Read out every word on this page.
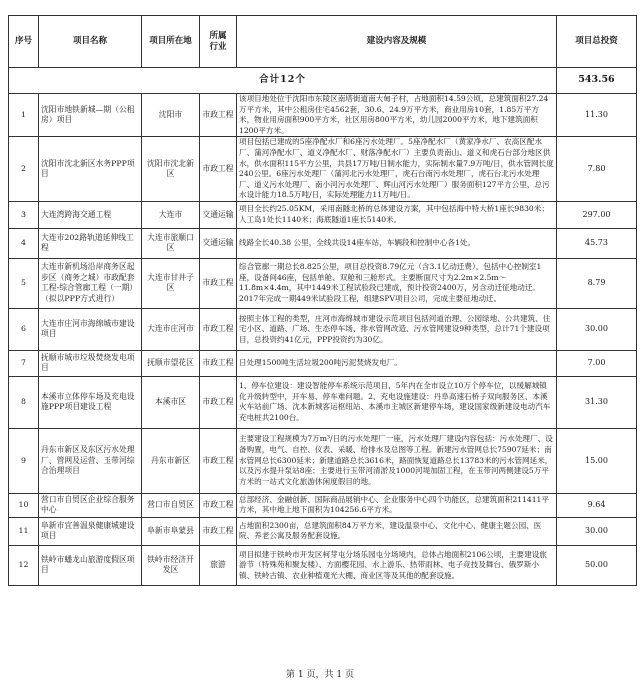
序号	项目名称	项目所在地	所属
行业	建设内容及规模	项目总投资
合计12个					543.56
1	沈阳市地铁新城—期（公租房）项目	沈阳市	市政工程	该项目地处位于沈阳市东陵区南塔街道南大甸子村，占地面积14.59公顷，总建筑面积27.24万平方米，其中公租房住宅4562套，30.6、24.9万平方米，商业用房10套，1.85万平方米，物业用房面积900平方米，社区用房800平方米，幼儿园2000平方米，地下建筑面积1200平方米。	11.30
2	沈阳市沈北新区水务PPP项目	沈阳市沈北新区	市政工程	项目包括已建成的5座净配水厂和6座污水处理厂。5座净配水厂（黄家净水厂、农高区配水厂、蒲河净配水厂、道义净配水厂、财落净配水厂）主要负责南山、道义和虎石台部分地区供水，供水面积115平方公里，共县17万吨/日制水能力，实际制水量7.9万吨/日，供水管网长度240公里。6座污水处理厂（蒲河北污水处理厂，虎石台南污水处理厂，虎石台北污水处理厂、道义污水处理厂、南小河污水处理厂、辉山河污水处理厂）服务面积127平方公里，总污水设计能力18.5万吨/日，实际处理能力11万吨/日。	7.80
3	大连湾跨海交通工程	大连市	交通运输	项目全长约25.05KM，采用南隧北桥的总体建设方案，其中包括海中特大桥1座长9830米；人工岛1处长1140米；海底隧道1座长5140米。	297.00
4	大连市202路轨道延伸线工程	大连市旅顺口区	交通运输	线路全长40.38 公里，全线共设14座车站，车辆段和控制中心各1处。	45.73
5	大连市新机场沿岸商务区起步区（商务之城）市政配套工程-综合管廊工程（一期）（拟以PPP方式进行）	大连市甘井子区	市政工程	综合管廊一期总长8.825公里，项目总投资8.79亿元（含3.1亿动迁费），包括中心控制室1座，设备间46座，包括单舱、双舱和三舱形式。主要断面尺寸为2.2m×2.5m～11.8m×4.4m，其中1449米工程试验段已建成，预计投资2400万，另含动迁征地动迁。2017年完成一期449米试验段工程，组建SPV项目公司，完成主要征地动迁。	8.79
6	大连市庄河市海绵城市建设项目	大连市庄河市	市政工程	按照主体工程的类型，庄河市海绵城市建设示范项目包括河道治理、公园绿地、公共建筑、住宅小区、道路、广场、生态停车场、排水管网改造、污水管网建设9种类型，总计71个建设项目，总投资约41亿元，PPP投资约为30亿。	30.00
7	抚顺市城市垃圾焚烧发电项目	抚顺市望花区	市政工程	日处理1500吨生活垃圾200吨污泥焚烧发电厂。	7.00
8	本溪市立体停车场及充电设施PPP项目建设工程	本溪市区	市政工程	1、停车位建设：建设智能停车系统示范项目，5年内在全市设立10万个停车位，以缓解城镇化升级转型中，开车易、停车难问题。2、充电设施建设：丹阜高速石桥子双向服务区、本溪火车站前广场、沈本新城客运枢纽站、本溪市主城区新建停车场，建设国家级新建设电动汽车充电桩共2100台。	31.30
9	丹东市新区及东区污水处理厂、管网及运营、玉带河综合治理项目	丹东市新区	市政工程	主要建设工程规模为7万m³/日的污水处理厂一座，污水处理厂建设内容包括：污水处理厂、设备购置，电气、自控、仪表、采暖、给排水及总图等工程。新建污水管网总长75907延米；南水管网总长6300延米；新建道路总长3616米，路面恢复道路总长13783米的污水管网延米，以及污水提升泵站8座；主要进行玉带河清淤及1000河堤加固工程，在玉带河两侧建设5万平方米的一站式文化旅游休闲度假目的地。	15.00
10	营口市自贸区企业综合服务中心	营口市自贸区	市政工程	总部经济、金融创新、国际商品展销中心、企业服务中心四个功能区，总建筑面积211411平方米，其中地上地下面积为104256.6平方米。	9.64
11	阜新市宜善温泉健康城建设项目	阜新市阜蒙县	市政工程	占地面积2300亩，总建筑面积84万平方米，建设温泉中心、文化中心、健康主题公园、医院、养老公寓及服务配套设施。	30.00
12	铁岭市蟠龙山旅游度假区项目	铁岭市经济开发区	旅游	项目拟建于铁岭市开发区柯芽屯分场乐园屯分场境内，总体占地面积2106公顷，主要建设旅游节（特殊苑和聚友楼）、方面樱花园、水上游乐、热带雨林、电子竞技及舞台、俄罗斯小镇、铁岭古镇、农业种植观光大棚、商业区等及其他的配套设施。	50.00
第 1 页，共 1 页
